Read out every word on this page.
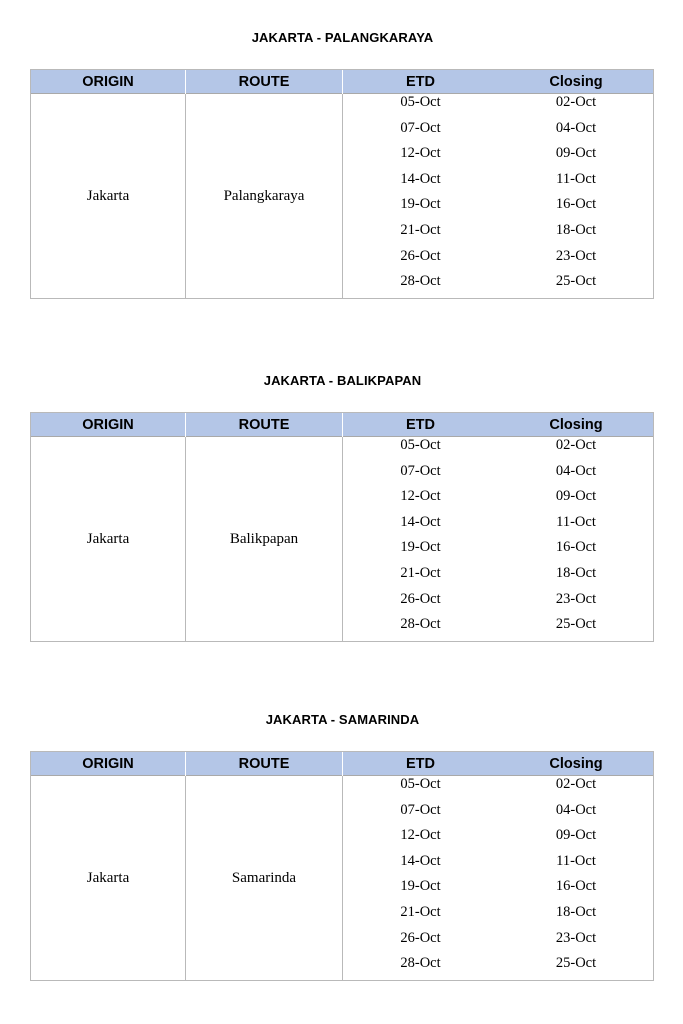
JAKARTA - PALANGKARAYA
ORIGIN	ROUTE	ETD	Closing
Jakarta	Palangkaraya
05-Oct	02-Oct
07-Oct	04-Oct
12-Oct	09-Oct
14-Oct	11-Oct
19-Oct	16-Oct
21-Oct	18-Oct
26-Oct	23-Oct
28-Oct	25-Oct
JAKARTA - BALIKPAPAN
ORIGIN	ROUTE	ETD	Closing
Jakarta	Balikpapan
05-Oct	02-Oct
07-Oct	04-Oct
12-Oct	09-Oct
14-Oct	11-Oct
19-Oct	16-Oct
21-Oct	18-Oct
26-Oct	23-Oct
28-Oct	25-Oct
JAKARTA - SAMARINDA
ORIGIN	ROUTE	ETD	Closing
Jakarta	Samarinda
05-Oct	02-Oct
07-Oct	04-Oct
12-Oct	09-Oct
14-Oct	11-Oct
19-Oct	16-Oct
21-Oct	18-Oct
26-Oct	23-Oct
28-Oct	25-Oct
